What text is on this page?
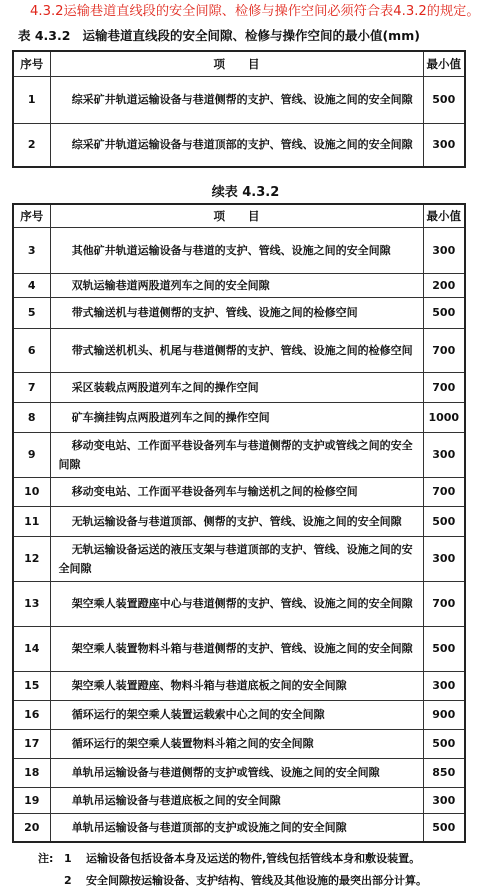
4.3.2运输巷道直线段的安全间隙、检修与操作空间必须符合表4.3.2的规定。
表 4.3.2 运输巷道直线段的安全间隙、检修与操作空间的最小值(mm)
序号	项　　目	最小值
1	综采矿井轨道运输设备与巷道侧帮的支护、管线、设施之间的安全间隙	500
2	综采矿井轨道运输设备与巷道顶部的支护、管线、设施之间的安全间隙	300
续表 4.3.2
序号	项　　目	最小值
3	其他矿井轨道运输设备与巷道的支护、管线、设施之间的安全间隙	300
4	双轨运输巷道两股道列车之间的安全间隙	200
5	带式输送机与巷道侧帮的支护、管线、设施之间的检修空间	500
6	带式输送机机头、机尾与巷道侧帮的支护、管线、设施之间的检修空间	700
7	采区装载点两股道列车之间的操作空间	700
8	矿车摘挂钩点两股道列车之间的操作空间	1000
9	移动变电站、工作面平巷设备列车与巷道侧帮的支护或管线之间的安全间隙	300
10	移动变电站、工作面平巷设备列车与输送机之间的检修空间	700
11	无轨运输设备与巷道顶部、侧帮的支护、管线、设施之间的安全间隙	500
12	无轨运输设备运送的液压支架与巷道顶部的支护、管线、设施之间的安全间隙	300
13	架空乘人装置蹬座中心与巷道侧帮的支护、管线、设施之间的安全间隙	700
14	架空乘人装置物料斗箱与巷道侧帮的支护、管线、设施之间的安全间隙	500
15	架空乘人装置蹬座、物料斗箱与巷道底板之间的安全间隙	300
16	循环运行的架空乘人装置运载索中心之间的安全间隙	900
17	循环运行的架空乘人装置物料斗箱之间的安全间隙	500
18	单轨吊运输设备与巷道侧帮的支护或管线、设施之间的安全间隙	850
19	单轨吊运输设备与巷道底板之间的安全间隙	300
20	单轨吊运输设备与巷道顶部的支护或设施之间的安全间隙	500
注: 1	运输设备包括设备本身及运送的物件,管线包括管线本身和敷设装置。
2	安全间隙按运输设备、支护结构、管线及其他设施的最突出部分计算。
